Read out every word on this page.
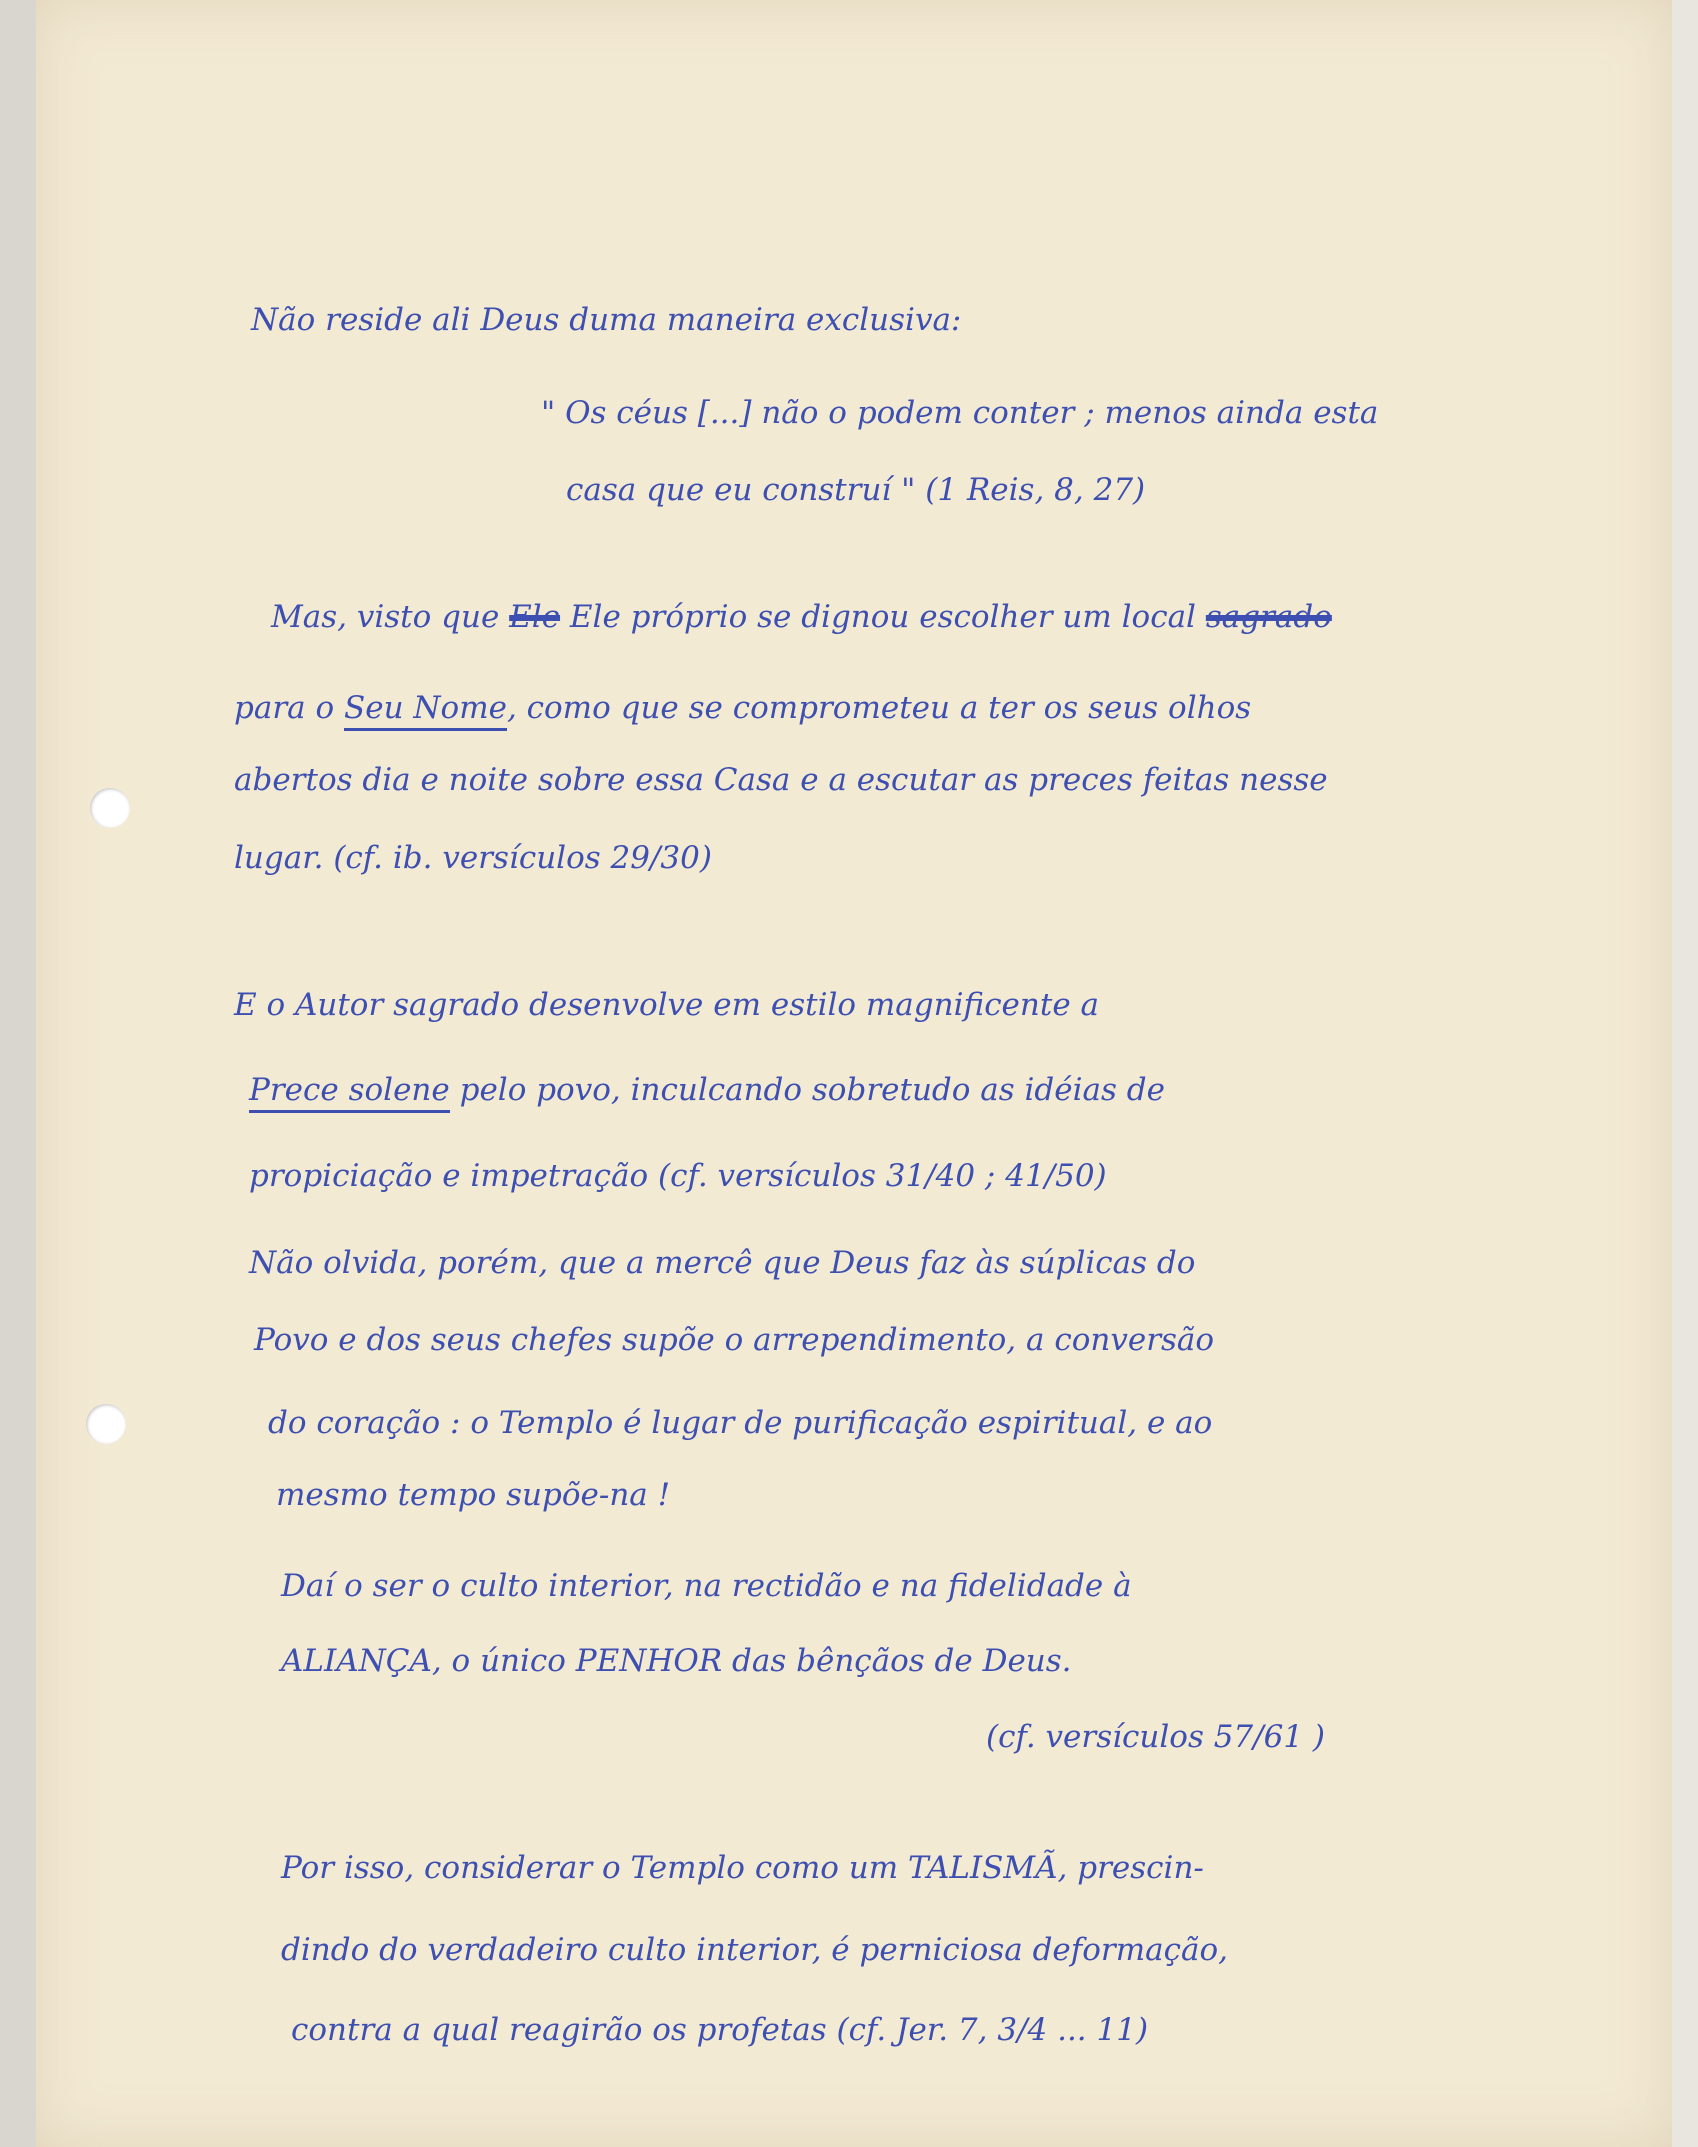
Não reside ali Deus duma maneira exclusiva:

" Os céus [...] não o podem conter ; menos ainda esta

casa que eu construí " (1 Reis, 8, 27)

Mas, visto que Ele Ele próprio se dignou escolher um local sagrado

para o Seu Nome, como que se comprometeu a ter os seus olhos

abertos dia e noite sobre essa Casa e a escutar as preces feitas nesse

lugar. (cf. ib. versículos 29/30)

E o Autor sagrado desenvolve em estilo magnificente a

Prece solene pelo povo, inculcando sobretudo as idéias de

propiciação e impetração (cf. versículos 31/40 ; 41/50)

Não olvida, porém, que a mercê que Deus faz às súplicas do

Povo e dos seus chefes supõe o arrependimento, a conversão

do coração : o Templo é lugar de purificação espiritual, e ao

mesmo tempo supõe-na !

Daí o ser o culto interior, na rectidão e na fidelidade à

ALIANÇA, o único PENHOR das bênçãos de Deus.

(cf. versículos 57/61 )

Por isso, considerar o Templo como um TALISMÃ, prescin-

dindo do verdadeiro culto interior, é perniciosa deformação,

contra a qual reagirão os profetas (cf. Jer. 7, 3/4 ... 11)
